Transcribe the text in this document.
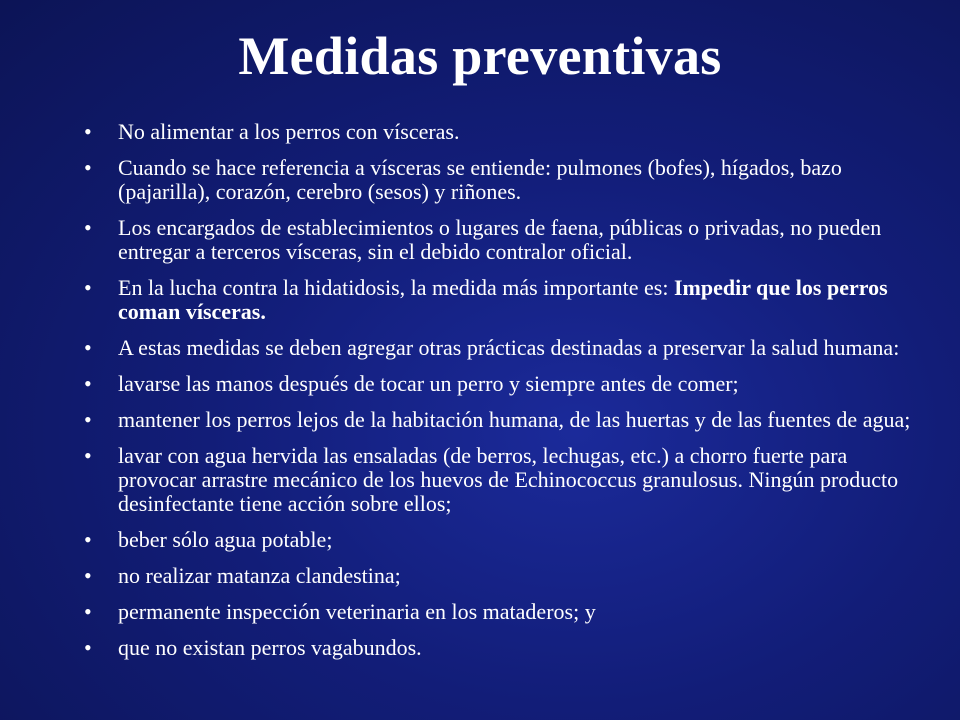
Medidas preventivas
• No alimentar a los perros con vísceras.
• Cuando se hace referencia a vísceras se entiende: pulmones (bofes), hígados, bazo (pajarilla), corazón, cerebro (sesos) y riñones.
• Los encargados de establecimientos o lugares de faena, públicas o privadas, no pueden entregar a terceros vísceras, sin el debido contralor oficial.
• En la lucha contra la hidatidosis, la medida más importante es: Impedir que los perros coman vísceras.
• A estas medidas se deben agregar otras prácticas destinadas a preservar la salud humana:
• lavarse las manos después de tocar un perro y siempre antes de comer;
• mantener los perros lejos de la habitación humana, de las huertas y de las fuentes de agua;
• lavar con agua hervida las ensaladas (de berros, lechugas, etc.) a chorro fuerte para provocar arrastre mecánico de los huevos de Echinococcus granulosus. Ningún producto desinfectante tiene acción sobre ellos;
• beber sólo agua potable;
• no realizar matanza clandestina;
• permanente inspección veterinaria en los mataderos; y
• que no existan perros vagabundos.
